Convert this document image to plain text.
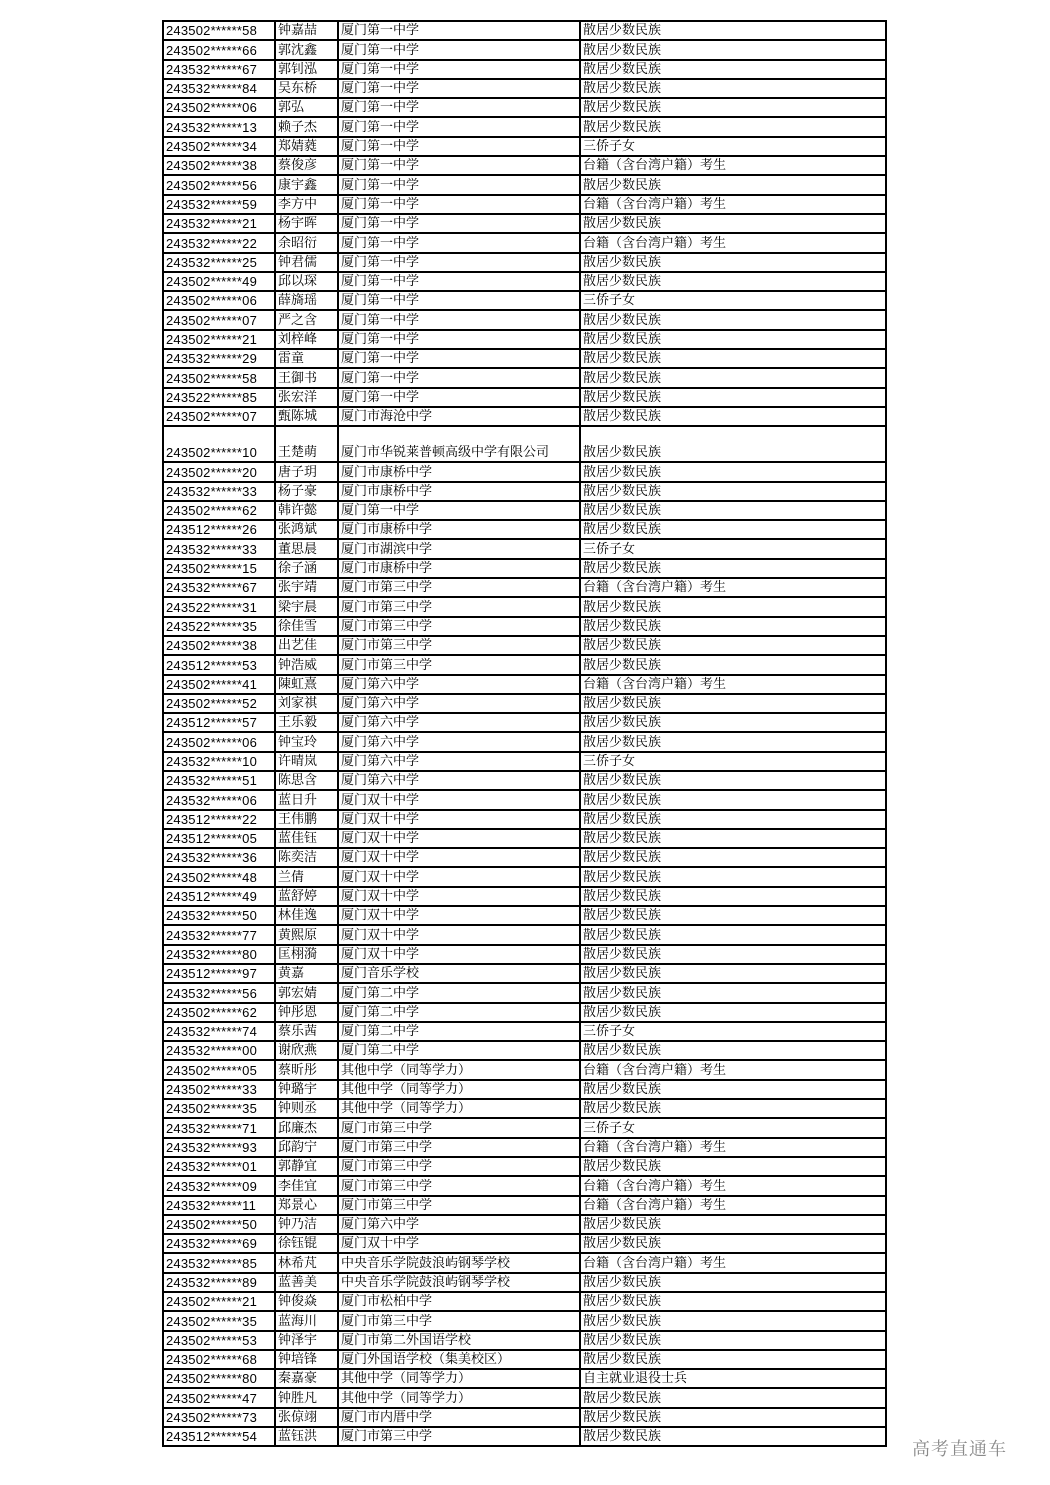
243502******58	钟嘉喆	厦门第一中学	散居少数民族
243502******66	郭沈鑫	厦门第一中学	散居少数民族
243532******67	郭钊泓	厦门第一中学	散居少数民族
243532******84	吴东桥	厦门第一中学	散居少数民族
243502******06	郭弘	厦门第一中学	散居少数民族
243532******13	赖子杰	厦门第一中学	散居少数民族
243502******34	郑婧蕤	厦门第一中学	三侨子女
243502******38	蔡俊彦	厦门第一中学	台籍（含台湾户籍）考生
243502******56	康宇鑫	厦门第一中学	散居少数民族
243532******59	李方中	厦门第一中学	台籍（含台湾户籍）考生
243532******21	杨宇晖	厦门第一中学	散居少数民族
243532******22	余昭衍	厦门第一中学	台籍（含台湾户籍）考生
243532******25	钟君儒	厦门第一中学	散居少数民族
243502******49	邱以琛	厦门第一中学	散居少数民族
243502******06	薛旖瑶	厦门第一中学	三侨子女
243502******07	严之含	厦门第一中学	散居少数民族
243502******21	刘梓峰	厦门第一中学	散居少数民族
243532******29	雷童	厦门第一中学	散居少数民族
243502******58	王御书	厦门第一中学	散居少数民族
243522******85	张宏洋	厦门第一中学	散居少数民族
243502******07	甄陈城	厦门市海沧中学	散居少数民族
243502******10	王楚萌	厦门市华锐莱普顿高级中学有限公司	散居少数民族
243502******20	唐子玥	厦门市康桥中学	散居少数民族
243532******33	杨子豪	厦门市康桥中学	散居少数民族
243502******62	韩许懿	厦门第一中学	散居少数民族
243512******26	张鸿斌	厦门市康桥中学	散居少数民族
243532******33	董思晨	厦门市湖滨中学	三侨子女
243502******15	徐子涵	厦门市康桥中学	散居少数民族
243532******67	张宇靖	厦门市第三中学	台籍（含台湾户籍）考生
243522******31	梁宇晨	厦门市第三中学	散居少数民族
243522******35	徐佳雪	厦门市第三中学	散居少数民族
243502******38	出艺佳	厦门市第三中学	散居少数民族
243512******53	钟浩威	厦门市第三中学	散居少数民族
243502******41	陳虹熹	厦门第六中学	台籍（含台湾户籍）考生
243502******52	刘家祺	厦门第六中学	散居少数民族
243512******57	王乐毅	厦门第六中学	散居少数民族
243502******06	钟宝玲	厦门第六中学	散居少数民族
243532******10	许晴岚	厦门第六中学	三侨子女
243532******51	陈思含	厦门第六中学	散居少数民族
243532******06	蓝日升	厦门双十中学	散居少数民族
243512******22	王伟鹏	厦门双十中学	散居少数民族
243512******05	蓝佳钰	厦门双十中学	散居少数民族
243532******36	陈奕洁	厦门双十中学	散居少数民族
243502******48	兰倩	厦门双十中学	散居少数民族
243512******49	蓝舒婷	厦门双十中学	散居少数民族
243532******50	林佳逸	厦门双十中学	散居少数民族
243532******77	黄熙原	厦门双十中学	散居少数民族
243532******80	匡栩漪	厦门双十中学	散居少数民族
243512******97	黄嘉	厦门音乐学校	散居少数民族
243532******56	郭宏婧	厦门第二中学	散居少数民族
243502******62	钟彤恩	厦门第二中学	散居少数民族
243532******74	蔡乐茜	厦门第二中学	三侨子女
243532******00	谢欣燕	厦门第二中学	散居少数民族
243502******05	蔡昕彤	其他中学（同等学力）	台籍（含台湾户籍）考生
243502******33	钟璐宇	其他中学（同等学力）	散居少数民族
243502******35	钟则丞	其他中学（同等学力）	散居少数民族
243532******71	邱廉杰	厦门市第三中学	三侨子女
243532******93	邱韵宁	厦门市第三中学	台籍（含台湾户籍）考生
243532******01	郭静宜	厦门市第三中学	散居少数民族
243532******09	李佳宜	厦门市第三中学	台籍（含台湾户籍）考生
243532******11	郑景心	厦门市第三中学	台籍（含台湾户籍）考生
243502******50	钟乃洁	厦门第六中学	散居少数民族
243532******69	徐钰锟	厦门双十中学	散居少数民族
243532******85	林希芃	中央音乐学院鼓浪屿钢琴学校	台籍（含台湾户籍）考生
243532******89	蓝善美	中央音乐学院鼓浪屿钢琴学校	散居少数民族
243502******21	钟俊焱	厦门市松柏中学	散居少数民族
243502******35	蓝海川	厦门市第三中学	散居少数民族
243502******53	钟泽宇	厦门市第二外国语学校	散居少数民族
243502******68	钟培锋	厦门外国语学校（集美校区）	散居少数民族
243502******80	秦嘉豪	其他中学（同等学力）	自主就业退役士兵
243502******47	钟胜凡	其他中学（同等学力）	散居少数民族
243502******73	张倞翊	厦门市内厝中学	散居少数民族
243512******54	蓝钰洪	厦门市第三中学	散居少数民族
高考直通车
